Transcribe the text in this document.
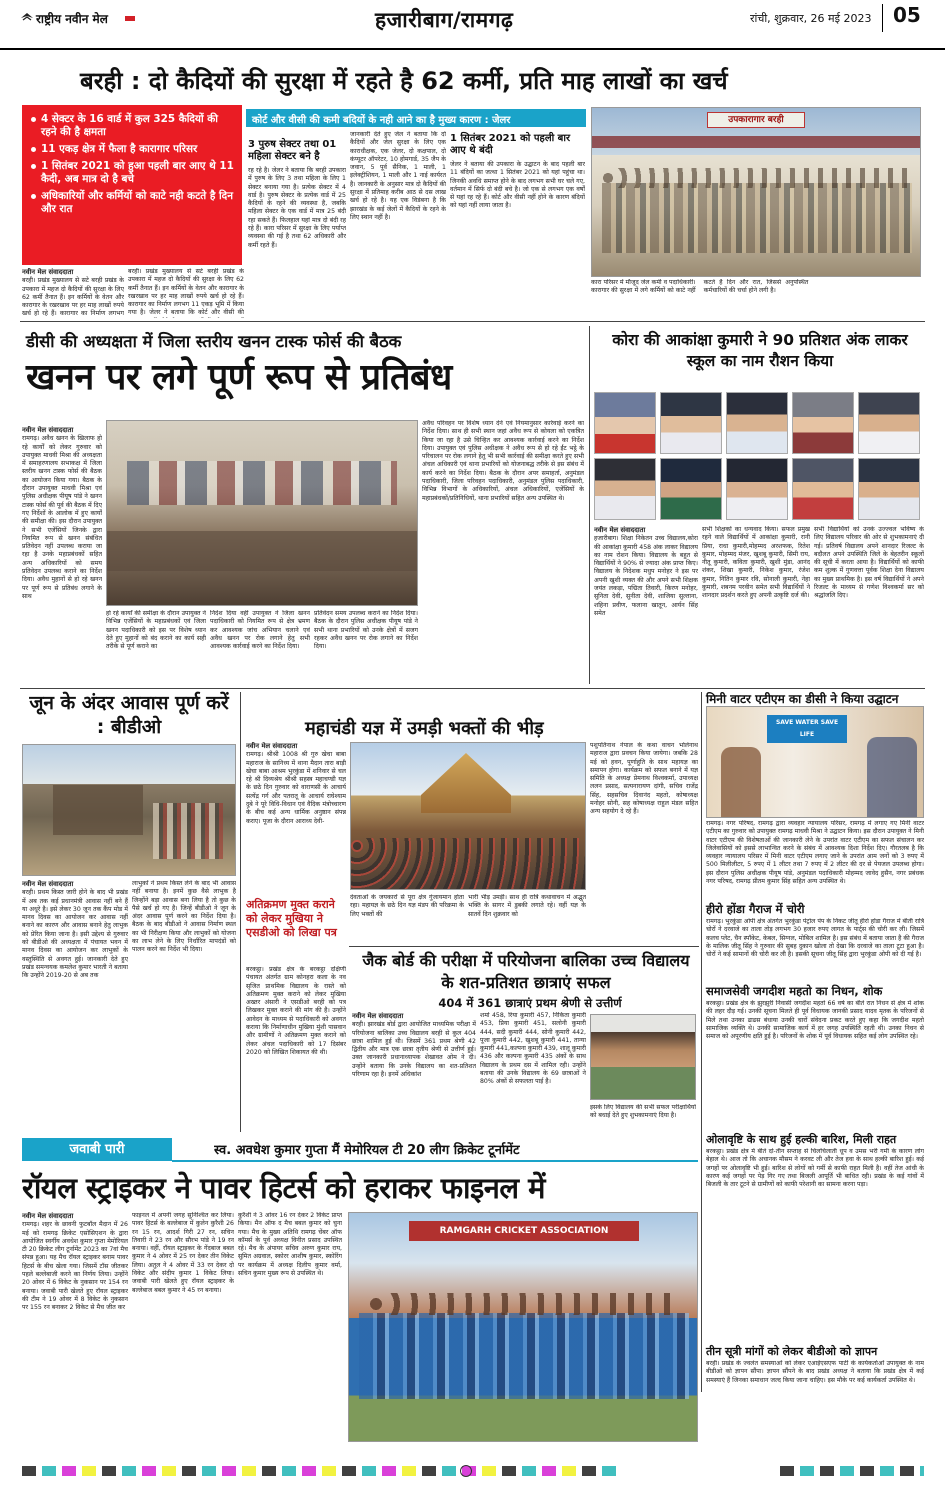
राष्ट्रीय नवीन मेल	हजारीबाग/रामगढ़	रांची, शुक्रवार, 26 मई 2023 05
बरही : दो कैदियों की सुरक्षा में रहते है 62 कर्मी, प्रति माह लाखों का खर्च
4 सेक्टर के 16 वार्ड में कुल 325 कैदियों की रहने की है क्षमता
11 एकड़ क्षेत्र में फैला है कारागार परिसर
1 सितंबर 2021 को हुआ पहली बार आए थे 11 कैदी, अब मात्र दो है बचे
अधिकारियों और कर्मियों को काटे नही कटते है दिन और रात
कोर्ट और वीसी की कमी बदियों के नही आने का है मुख्य कारण : जेलर
नवीन मेल संवाददाता
बरही। प्रखंड मुख्यालय से सटे बरही प्रखंड के उपकारा में महज दो कैदियों की सुरक्षा के लिए 62 कर्मी तैनात हैं। इन कर्मियों के वेतन और कारागार के रखरखाव पर हर माह लाखों रुपये खर्च हो रहे हैं। कारागार का निर्माण लगभग
बरही। प्रखंड मुख्यालय से सटे बरही प्रखंड के उपकारा में महज दो कैदियों की सुरक्षा के लिए 62 कर्मी तैनात हैं। इन कर्मियों के वेतन और कारागार के रखरखाव पर हर माह लाखों रुपये खर्च हो रहे हैं। कारागार का निर्माण लगभग 11 एकड़ भूमि में किया गया है। जेलर ने बताया कि कोर्ट और वीसी की
3 पुरुष सेक्टर तथा 01 महिला सेक्टर बने है
रह रहे है। जेलर ने बताया कि बरही उपकारा में पुरुष के लिए 3 तथा महिला के लिए 1 सेक्टर बनाया गया है। प्रत्येक सेक्टर में 4 वार्ड है। पुरुष सेक्टर के प्रत्येक वार्ड में 25 कैदियों के रहने की व्यवस्था है, जबकि महिला सेक्टर के एक वार्ड में मात्र 25 बंदी रहा सकते हैं। फिलहाल यहां मात्र दो बंदी रह रहे हैं। कारा परिसर में सुरक्षा के लिए पर्याप्त व्यवस्था की गई है तथा 62 अधिकारी और कर्मी रहते हैं।
जानकारी देते हुए जेल ने बताया कि दो कैदियों और जेल सुरक्षा के लिए एक काराधीक्षक, एक जेलर, दो कक्षपाल, दो कंप्यूटर ऑपरेटर, 10 होमगार्ड, 35 जैप के जवान, 5 पूर्व सैनिक, 1 माली, 1 इलेक्ट्रीशियन, 1 माली और 1 नाई कार्यरत है। जानकारी के अनुसार मात्र दो कैदियों की सुरक्षा में प्रतिमाह करीब आठ से दस लाख खर्च हो रहे है। यह एक विडंबना है कि झारखंड के कई जेलों में कैदियों के रहने के लिए स्थान नहीं है।
1 सितंबर 2021 को पहली बार आए थे बंदी
जेलर ने बताया की उपकारा के उद्घाटन के बाद पहली बार 11 बंदियों का जत्था 1 सितंबर 2021 को यहां पहुंचा था। जिनकी अवधि समाप्त होने के बाद लगभग सभी घर चले गए, वर्तमान में सिर्फ दो बंदी बचे है। जो एक से लगभग एक वर्षों से यहां रह रहे हैं। कोर्ट और वीसी नहीं होने के कारण बंदियों को यहां नहीं लाया जाता है।
उपकारागार बरही
कारा परिसर में मौजूद जेल कर्मी व पदाधिकारी। कारागार की सुरक्षा में लगे कर्मियों को काटे नहीं कटते है दिन और रात, जिससे अनुपस्थित कर्मचारियों की चर्चा होने लगी है।
डीसी की अध्यक्षता में जिला स्तरीय खनन टास्क फोर्स की बैठक
खनन पर लगे पूर्ण रूप से प्रतिबंध
नवीन मेल संवाददाता
रामगढ़। अवैध खनन के खिलाफ हो रहे कार्यों को लेकर गुरुवार को उपायुक्त माधवी मिश्रा की अध्यक्षता में समाहरणालय सभाकक्ष में जिला स्तरीय खनन टास्क फोर्स की बैठक का आयोजन किया गया। बैठक के दौरान उपायुक्त माधवी मिश्रा एवं पुलिस अधीक्षक पीयूष पांडे ने खनन टास्क फोर्स की पूर्व की बैठक में दिए गए निर्देशों के आलोक में हुए कार्यों की समीक्षा की। इस दौरान उपायुक्त ने सभी एजेंसियों जिनके द्वारा नियमित रूप से खनन संबंधित प्रतिवेदन नहीं उपलब्ध कराया जा रहा है उनके महाप्रबंधकों सहित अन्य अधिकारियों को समय प्रतिवेदन उपलब्ध कराने का निर्देश दिया। अवैध मुहानों से हो रहे खनन पर पूर्ण रूप से प्रतिबंध लगाने के साथ
हो रहे कार्यों की समीक्षा के दौरान उपायुक्त ने विभिन्न एजेंसियों के महाप्रबंधकों एवं जिला खनन पदाधिकारी को इस पर विशेष ध्यान देते हुए मुहानों को बंद कराने का कार्य सही तरीके से पूर्ण कराने का
निर्देश दिया वहीं उपायुक्त ने जिला खनन पदाधिकारी को नियमित रूप से क्षेत्र भ्रमण कर आवश्यक जांच अभियान चलाने एवं अवैध खनन पर रोक लगाने हेतु सभी आवश्यक कार्रवाई करने का निर्देश दिया।
प्रतिवेदन समय उपलब्ध कराने का निर्देश दिया। बैठक के दौरान पुलिस अधीक्षक पीयूष पांडे ने सभी थाना प्रभारियों को उनके क्षेत्रों में सजग रहकर अवैध खनन पर रोक लगाने का निर्देश दिया।
अवैध परिवहन पर विशेष ध्यान देने एवं नियमानुसार कार्रवाई करने का निर्देश दिया। साथ ही सभी स्थान जहां अवैध रूप से कोयला को एकत्रित किया जा रहा है उसे चिन्हित कर आवश्यक कार्रवाई करने का निर्देश दिया। उपायुक्त एवं पुलिस अधीक्षक ने अवैध रूप से हो रहे ईंट भट्ठे के परिचालन पर रोक लगाने हेतु भी सभी कार्रवाई की समीक्षा करते हुए सभी अंचल अधिकारी एवं थाना प्रभारियों को योजनाबद्ध तरीके से इस संबंध में कार्य करने का निर्देश दिया। बैठक के दौरान अपर समाहर्ता, अनुमंडल पदाधिकारी, जिला परिवहन पदाधिकारी, अनुमंडल पुलिस पदाधिकारी, विभिन्न विभागों के अधिकारियों, अंचल अधिकारियों, एजेंसियों के महाप्रबंधकों/प्रतिनिधियों, थाना प्रभारियों सहित अन्य उपस्थित थे।
कोरा की आकांक्षा कुमारी ने 90 प्रतिशत अंक लाकर स्कूल का नाम रौशन किया
नवीन मेल संवाददाता
हजारीबाग। शिक्षा निकेतन उच्च विद्यालय,कोरा की आकांक्षा कुमारी 458 अंक लाकर विद्यालय का नाम रोशन किया। विद्यालय के बहुत से विद्यार्थियों ने 90% से ज्यादा अंक प्राप्त किए। विद्यालय के निदेशक मधुप मनोहर ने इस पर अपनी खुशी व्यक्त की और अपने सभी शिक्षक जयंत लकड़ा, पद्मिता तिवारी, किरण मनोहर, सुनिता देवी, सुनीता देवी, शाजिया सुल्ताना, शहिना प्रवीण, फलाना खातून, आर्यन सिंह समेत
सभी शिक्षकों का धन्यवाद किया। सफल प्रमुख रहने वाले विद्यार्थियों में आकांक्षा कुमारी, रानी प्रिया, राधा कुमारी,मोहम्मद अरशफक, रितेश कुमार, मोहम्मद मंजर, खुशबू कुमारी, सिमी राय, नीतू कुमारी, कविता कुमारी, खुशी मुंडा, आनंद शंकर, शिखा कुमारी, निकेश कुमार, रंजेश कुमार, नितिन कुमार रवि, सोनाली कुमारी, नेहा कुमारी, शबनम परवीन समेत सभी विद्यार्थियों ने शानदार प्रदर्शन करते हुए अपनी उत्कृष्टि दर्ज की।
सभी विद्यार्थियों को उनके उज्ज्वल भविष्य के लिए विद्यालय परिवार की ओर से शुभकामनाएं दी गई। प्रतिवर्ष विद्यालय अपने शानदार रिजल्ट के बदौलत अपने उपस्थिति जिले के बेहतरीन स्कूलों की सूची में करता आया है। विद्यार्थियों को काफी कम शुल्क में गुणवत्ता पूर्वक शिक्षा देना विद्यालय का मुख्य प्राथमिक है। इस वर्ष विद्यार्थियों ने अपने रिजल्ट के माध्यम से गणेश विश्वकर्मा सर को श्रद्धांजलि दिए।
जून के अंदर आवास पूर्ण करें : बीडीओ
नवीन मेल संवाददाता
बरही। प्रथम किस्त जारी होने के बाद भी प्रखंड में अब तक कई प्रधानमंत्री आवास नहीं बने हैं या अधूरे है। इसे लेकर 30 जून तक कैंप मोड में मानव दिवस का आयोजन कर आवास नहीं बनाने का कारण और आवास बनाने हेतु लाभुक को प्रेरित किया जाना है। इसी उद्देश्य से गुरुवार को बीडीओ की अध्यक्षता में पंचायत भवन में मानव दिवस का आयोजन कर लाभुकों के वस्तुस्थिति से अवगत हुई। जानकारी देते हुए प्रखंड समन्वयक कमलेश कुमार भारती ने बताया कि उन्होंने 2019-20 से अब तक
लाभुकों ने प्रथम किस्त लेने के बाद भी आवास नहीं बनाया है। इनमें कुछ वैसे लाभुक है जिन्होंने बड़ा आवास बना लिया है तो कुछ के पैसे खर्च हो गए है। जिन्हें बीडीओ ने जून के अंदर आवास पूर्ण करने का निर्देश दिया है। बैठक के बाद बीडीओ ने आवास निर्माण स्थल का भी निरीक्षण किया और लाभुकों को योजना का लाभ लेने के लिए निर्धारित मापदंडों को पालन करने का निर्देश भी दिया।
महाचंडी यज्ञ में उमड़ी भक्तों की भीड़
नवीन मेल संवाददाता
रामगढ़। श्रीश्री 1008 श्री गुरु खेचा बाबा महाराज के सानिध्य में थाना मैदान तारा बाड़ी खेचा बाबा आश्रम भुरकुंडा में शनिवार से चल रहे श्री दिव्यश्रेय श्रीश्री सहस्त्र महाचण्डी यज्ञ के छठे दिन गुरुवार को वाराणसी के आचार्य सत्येंद्र गर्ग और पतरातू के आचार्य राघेश्याम दुबे ने पूरे विधि-विधान एवं वैदिक मंत्रोच्चारण के बीच कई अन्य धार्मिक अनुष्ठान संपन्न कराए। पूजा के दौरान आराध्य देवी-
देवताओं के जयकारों से पूरा क्षेत्र गुंजायमान होता रहा। महायज्ञ के छठे दिन यज्ञ मंडप की परिक्रमा के लिए भक्तों की
भारी भीड़ उमड़ी। साथ ही रात्रि कथावाचन में अद्भुत भक्ति के सागर में डुबकी लगाते रहे। वहीं यज्ञ के सातवें दिन शुक्रवार को
पशुपतिनाथ नेपाल के कथा वाचन भोलेनाथ महाराज द्वारा प्रवचन किया जायेगा। जबकि 28 मई को हवन, पूर्णाहुति के साथ महायज्ञ का समापन होगा। कार्यक्रम को सफल बनाने में यज्ञ समिति के अध्यक्ष प्रेमनाथ विश्वकर्मा, उपाध्यक्ष ललन प्रसाद, सत्यनारायण दांगी, सचिव राजेंद्र सिंह, सहसचिव दिवानंद महतो, कोषाध्यक्ष मनोहर सोनी, सह कोषाध्यक्ष राहुल मंडल सहित अन्य सहयोग दे रहे हैं।
अतिक्रमण मुक्त कराने को लेकर मुखिया ने एसडीओ को लिखा पत्र
बरकट्ठा। प्रखंड क्षेत्र के बरकट्ठा दक्षिणी पंचायत अंतर्गत ग्राम कोनहरा कला के नव सृजित प्राथमिक विद्यालय के रास्ते को अतिक्रमण मुक्त कराने को लेकर मुखिया अख्तर अंसारी ने एसडीओ बरही को पत्र लिखकर मुक्त कराने की मांग की है। उन्होंने आवेदन के माध्यम से पदाधिकारी को अवगत कराया कि निर्माणाधीन मुखिया मुंशी पासवान और ग्रामीणों ने अतिक्रमण मुक्त कराने को लेकर अंचल पदाधिकारी को 17 दिसंबर 2020 को लिखित शिकायत की थी।
जैक बोर्ड की परीक्षा में परियोजना बालिका उच्च विद्यालय के शत-प्रतिशत छात्राएं सफल
404 में 361 छात्राएं प्रथम श्रेणी से उत्तीर्ण
नवीन मेल संवाददाता
बरही। झारखंड बोर्ड द्वारा आयोजित माध्यमिक परीक्षा में परियोजना बालिका उच्च विद्यालय बरही से कुल 404 छात्रा शामिल हुई थी। जिसमें 361 प्रथम श्रेणी 42 द्वितीय और मात्र एक छात्रा तृतीय श्रेणी से उत्तीर्ण हुई। उक्त जानकारी प्रधानाध्यापक शेखावत ओम ने दी। उन्होंने बताया कि उनके विद्यालय का शत-प्रतिशत परिणाम रहा है। इनमें अधिकांश
शर्मा 458, रिया कुमारी 457, निकिता कुमारी 453, प्रिया कुमारी 451, सलोनी कुमारी 444, सदी कुमारी 444, सोनी कुमारी 442, पूजा कुमारी 442, खुशबू कुमारी 441, तान्या कुमारी 441,कल्पना कुमारी 439, शालू कुमारी 436 और कल्पना कुमारी 435 अंकों के साथ विद्यालय के प्रथम दस में शामिल रही। उन्होंने बताया की उनके विद्यालय के 69 छात्राओं ने 80% अंकों से सफलता पाई है।
इसके लिए विद्यालय की सभी सफल परीक्षार्थियों को बधाई देते हुए शुभकामनाएं दिया है।
मिनी वाटर एटीएम का डीसी ने किया उद्घाटन
SAVE WATER SAVE LIFE
रामगढ़। नगर परिषद, रामगढ़ द्वारा व्यवहार न्यायालय परिसर, रामगढ़ में लगाए गए मिनी वाटर एटीएम का गुरुवार को उपायुक्त रामगढ़ माधवी मिश्रा ने उद्घाटन किया। इस दौरान उपायुक्त ने मिनी वाटर एटीएम की विशेषताओं की जानकारी लेने के उपरांत वाटर एटीएम का सफल संचालन कर जिलेवासियों को इससे लाभान्वित करने के संबंध में आवश्यक दिशा निर्देश दिए। गौरतलब है कि व्यवहार न्यायालय परिसर में मिनी वाटर एटीएम लगाए जाने के उपरांत आम जनों को 3 रुपए में 500 मिलीलीटर, 5 रुपए में 1 लीटर तथा 7 रुपए में 2 लीटर की दर से पेयजल उपलब्ध होगा। इस दौरान पुलिस अधीक्षक पीयूष पांडे, अनुमंडल पदाधिकारी मोहम्मद जावेद हुसैन, नगर प्रबंधक नगर परिषद, रामगढ़ प्रीतम कुमार सिंह सहित अन्य उपस्थित थे।
हीरो होंडा गैराज में चोरी
रामगढ़। भुरकुंडा ओपी क्षेत्र अंतर्गत भुरकुंडा पेट्रोल पंप के निकट जीतू हीरो होंडा गैराज में बीती रात्रि चोरों ने दरवाजे का ताला तोड़ लगभग 30 हजार रुपए लागत के पार्ट्स की चोरी कर ली। जिसमें कलच प्लेट, चैन स्पॉकेट, केबल, सिग्नल, मोबिल शामिल है। इस संबंध में बताया जाता है की गैराज के मालिक जीतू सिंह ने गुरुवार की सुबह दुकान खोला तो देखा कि दरवाजे का ताला टूटा हुआ है। चोरों ने कई सामानों की चोरी कर ली है। इसकी सूचना जीतू सिंह द्वारा भुरकुंडा ओपी को दी गई है।
समाजसेवी जगदीश महतो का निधन, शोक
बरकट्ठा। प्रखंड क्षेत्र के झुरझुरी निवासी जगदीश महतो 66 वर्ष का बीते रात निधन से क्षेत्र में शोक की लहर दौड़ गई। उनकी सूचना मिलते ही पूर्व विधायक जानकी प्रसाद यादव मृतक के परिजनों से मिले तथा उनका ढाढस बंधाया उनकी चारों संवेदना प्रकट करते हुए कहा कि जगदीश महतो सामाजिक व्यक्ति थे। उनकी सामाजिक कार्य में हर जगह उपस्थिति रहती थी। उनका निधन से समाज को अपूरणीय क्षति हुई है। परिजनों के शोक में पूर्व विधायक सहित कई लोग उपस्थित रहे।
ओलावृष्टि के साथ हुई हल्की बारिश, मिली राहत
बरकट्ठा। प्रखंड क्षेत्र में बीते दो-तीन सप्ताह से चिलचिलाती धूप व उमस भरी गर्मी के कारण लोग बेहाल थे। आज तो कि अचानक मौसम ने करवट ली और तेज हवा के साथ हल्की बारिश हुई। कई जगहों पर ओलावृष्टि भी हुई। बारिश से लोगों को गर्मी से काफी राहत मिली है। वहीं तेज आंधी के कारण कई जगहों पर पेड़ गिर गए तथा बिजली आपूर्ति भी बाधित रही। प्रखंड के कई गांवों में बिजली के तार टूटने से ग्रामीणों को काफी परेशानी का सामना करना पड़ा।
तीन सूत्री मांगों को लेकर बीडीओ को ज्ञापन
बरही। प्रखंड के ज्वलंत समस्याओं को लेकर एआईएसएफ पार्टी के कार्यकर्ताओं उपायुक्त के नाम बीडीओ को ज्ञापन सौंपा। ज्ञापन सौंपने के बाद प्रखंड अध्यक्ष ने बताया कि प्रखंड क्षेत्र में कई समस्याएं हैं जिनका समाधान जल्द किया जाना चाहिए। इस मौके पर कई कार्यकर्ता उपस्थित थे।
जवाबी पारी	स्व. अवधेश कुमार गुप्ता मैं मेमोरियल टी 20 लीग क्रिकेट टूर्नामेंट
रॉयल स्ट्राइकर ने पावर हिटर्स को हराकर फाइनल में
नवीन मेल संवाददाता
रामगढ़। शहर के छावनी फुटबॉल मैदान में 26 मई को रामगढ़ क्रिकेट एसोसिएशन के द्वारा आयोजित स्वर्गीय अवधेश कुमार गुप्ता मेमोरियल टी 20 क्रिकेट लीग टूर्नामेंट 2023 का 7वां मैच संपन्न हुआ। यह मैच रॉयल स्ट्राइकर बनाम पावर हिटर्स के बीच खेला गया। जिसमें टॉस जीतकर पहले बल्लेबाजी करने का निर्णय लिया। उन्होंने 20 ओवर में 6 विकेट के नुकसान पर 154 रन बनाया। जवाबी पारी खेलते हुए रॉयल स्ट्राइकर की टीम ने 19 ओवर में 8 विकेट के नुकसान पर 155 रन बनाकर 2 विकेट से मैच जीत कर
फाइनल में अपनी जगह सुनिश्चित कर लिया। पावर हिटर्स के बल्लेबाज में कुलेन कुरैशी 26 रन 15 रन, आदर्श गिरी 27 रन, सचिन तिवारी ने 23 रन और सौरभ पांडे ने 19 रन बनाया। वहीं, रॉयल स्ट्राइकर के गेंदबाज बबल कुमार ने 4 ओवर में 25 रन देकर तीन विकेट लिया। अतुल ने 4 ओवर में 33 रन देकर दो विकेट और संदीप कुमार 1 विकेट लिया। जवाबी पारी खेलते हुए रॉयल स्ट्राइकर के बल्लेबाज बबल कुमार ने 45 रन बनाया।
कुरैशी ने 3 ओवर 16 रन देकर 2 विकेट प्राप्त किया। मैन ऑफ द मैच बबल कुमार को चुना गया। मैच के मुख्य अतिथि रामगढ़ चेंबर ऑफ कॉमर्स के पूर्व अध्यक्ष विनीत प्रसाद उपस्थित रहे। मैच के अंपायर सचिव अरुण कुमार राय, सुमित अग्रवाल, स्कोरर आशीष कुमार, स्कोरिंग पर कार्यक्रम में अध्यक्ष दिलीप कुमार वर्मा, सचिन कुमार मुख्य रूप से उपस्थित थे।
RAMGARH CRICKET ASSOCIATION
